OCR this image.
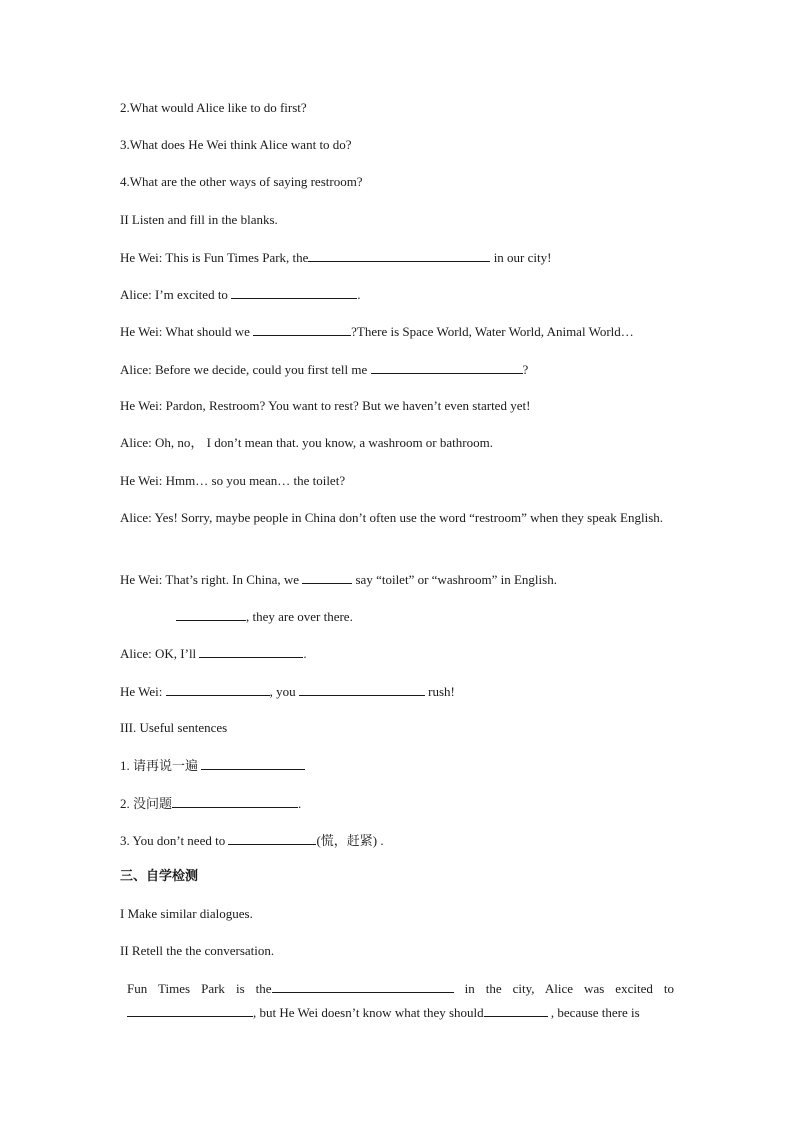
2.What would Alice like to do first?
3.What does He Wei think Alice want to do?
4.What are the other ways of saying restroom?
II Listen and fill in the blanks.
He Wei: This is Fun Times Park, the	in our city!
Alice: I’m excited to	.
He Wei: What should we	?There is Space World, Water World, Animal World…
Alice: Before we decide, could you first tell me	?
He Wei: Pardon, Restroom? You want to rest? But we haven’t even started yet!
Alice: Oh, no， I don’t mean that. you know, a washroom or bathroom.
He Wei: Hmm… so you mean… the toilet?
Alice: Yes! Sorry, maybe people in China don’t often use the word “restroom” when they speak English.
He Wei: That’s right. In China, we	say “toilet” or “washroom” in English.
, they are over there.
Alice: OK, I’ll	.
He Wei:	, you	rush!
III. Useful sentences
1. 请再说一遍
2. 没问题	.
3. You don’t need to	(慌，赶紧) .
三、自学检测
I Make similar dialogues.
II Retell the the conversation.
Fun Times Park is the	in the city, Alice was excited to , but He Wei doesn’t know what they should	, because there is
